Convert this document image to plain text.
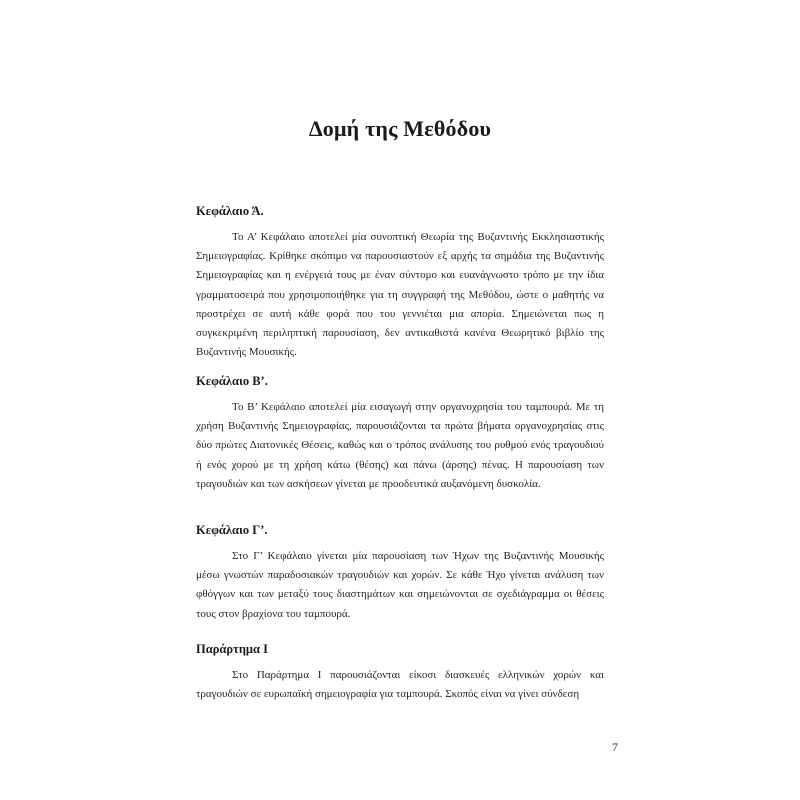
Δομή της Μεθόδου

Κεφάλαιο Ά.

Το Α’ Κεφάλαιο αποτελεί μία συνοπτική Θεωρία της Βυζαντινής Εκκλησιαστικής Σημειογραφίας. Κρίθηκε σκόπιμο να παρουσιαστούν εξ αρχής τα σημάδια της Βυζαντινής Σημειογραφίας και η ενέργειά τους με έναν σύντομο και ευανάγνωστο τρόπο με την ίδια γραμματοσειρά που χρησιμοποιήθηκε για τη συγγραφή της Μεθόδου, ώστε ο μαθητής να προστρέχει σε αυτή κάθε φορά που του γεννιέται μια απορία. Σημειώνεται πως η συγκεκριμένη περιληπτική παρουσίαση, δεν αντικαθιστά κανένα Θεωρητικό βιβλίο της Βυζαντινής Μουσικής.

Κεφάλαιο Β’.

Το Β’ Κεφάλαιο αποτελεί μία εισαγωγή στην οργανοχρησία του ταμπουρά. Με τη χρήση Βυζαντινής Σημειογραφίας, παρουσιάζονται τα πρώτα βήματα οργανοχρησίας στις δύο πρώτες Διατονικές Θέσεις, καθώς και ο τρόπος ανάλυσης του ρυθμού ενός τραγουδιού ή ενός χορού με τη χρήση κάτω (θέσης) και πάνω (άρσης) πένας. Η παρουσίαση των τραγουδιών και των ασκήσεων γίνεται με προοδευτικά αυξανόμενη δυσκολία.

Κεφάλαιο Γ’.

Στο Γ’ Κεφάλαιο γίνεται μία παρουσίαση των Ήχων της Βυζαντινής Μουσικής μέσω γνωστών παραδοσιακών τραγουδιών και χορών. Σε κάθε Ήχο γίνεται ανάλυση των φθόγγων και των μεταξύ τους διαστημάτων και σημειώνονται σε σχεδιάγραμμα οι θέσεις τους στον βραχίονα του ταμπουρά.

Παράρτημα Ι

Στο Παράρτημα Ι παρουσιάζονται είκοσι διασκευές ελληνικών χορών και τραγουδιών σε ευρωπαϊκή σημειογραφία για ταμπουρά. Σκοπός είναι να γίνει σύνδεση

7
